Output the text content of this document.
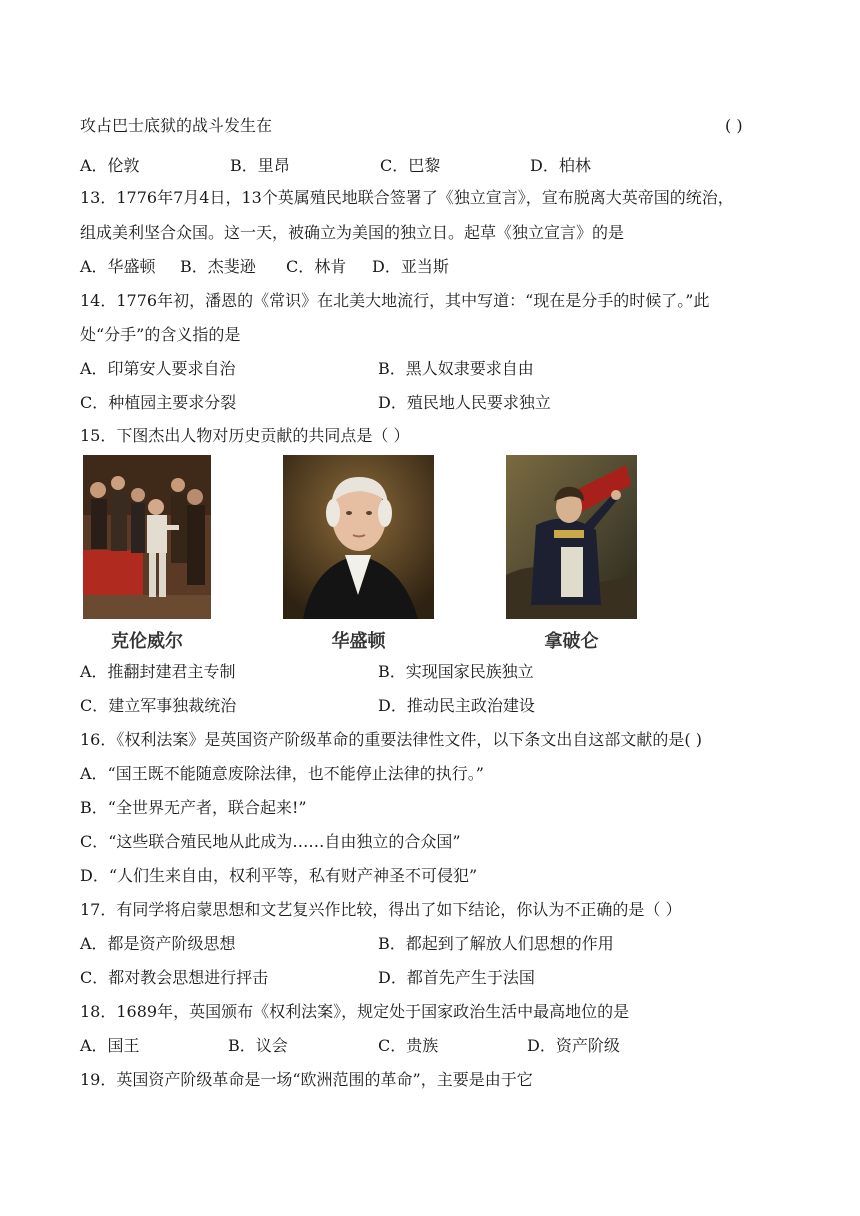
攻占巴士底狱的战斗发生在	( )
A．伦敦	B．里昂	C．巴黎	D．柏林
13．1776年7月4日，13个英属殖民地联合签署了《独立宣言》，宣布脱离大英帝国的统治，
组成美利坚合众国。这一天，被确立为美国的独立日。起草《独立宣言》的是
A．华盛顿 B．杰斐逊 C．林肯 D．亚当斯
14．1776年初，潘恩的《常识》在北美大地流行，其中写道：“现在是分手的时候了。”此
处“分手”的含义指的是
A．印第安人要求自治	B．黑人奴隶要求自由
C．种植园主要求分裂	D．殖民地人民要求独立
15．下图杰出人物对历史贡献的共同点是（ ）
克伦威尔	华盛顿	拿破仑
A．推翻封建君主专制	B．实现国家民族独立
C．建立军事独裁统治	D．推动民主政治建设
16．《权利法案》是英国资产阶级革命的重要法律性文件，以下条文出自这部文献的是( )
A．“国王既不能随意废除法律，也不能停止法律的执行。”
B．“全世界无产者，联合起来!”
C．“这些联合殖民地从此成为……自由独立的合众国”
D．“人们生来自由，权利平等，私有财产神圣不可侵犯”
17．有同学将启蒙思想和文艺复兴作比较，得出了如下结论，你认为不正确的是（ ）
A．都是资产阶级思想	B．都起到了解放人们思想的作用
C．都对教会思想进行抨击	D．都首先产生于法国
18．1689年，英国颁布《权利法案》，规定处于国家政治生活中最高地位的是
A．国王	B．议会	C．贵族	D．资产阶级
19．英国资产阶级革命是一场“欧洲范围的革命”，主要是由于它
